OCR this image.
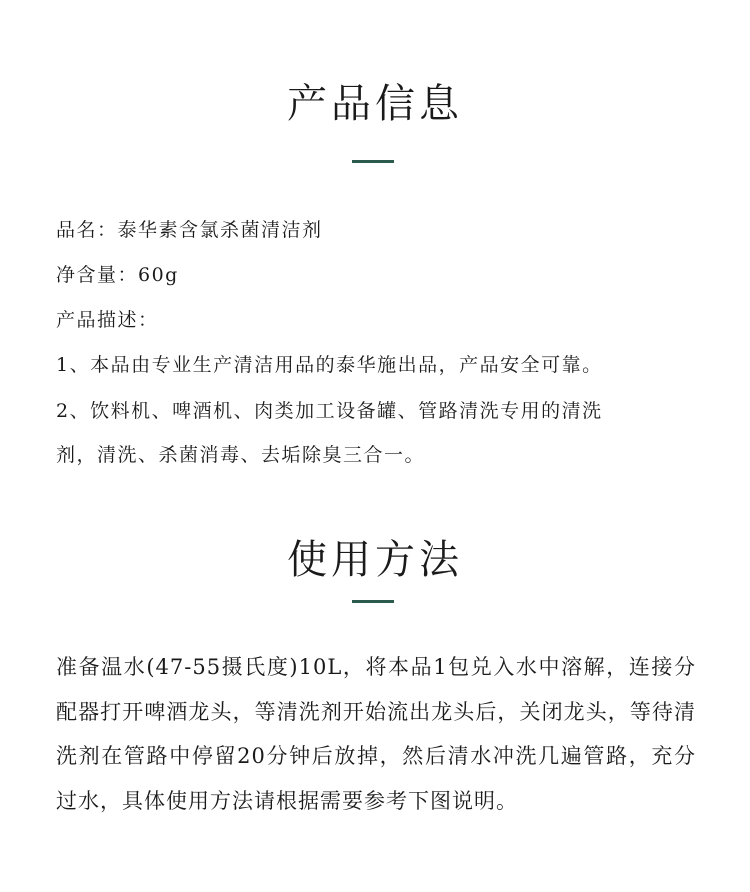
产品信息

品名：泰华素含氯杀菌清洁剂

净含量：60g

产品描述：

1、本品由专业生产清洁用品的泰华施出品，产品安全可靠。

2、饮料机、啤酒机、肉类加工设备罐、管路清洗专用的清洗

剂，清洗、杀菌消毒、去垢除臭三合一。

使用方法

准备温水(47-55摄氏度)10L，将本品1包兑入水中溶解，连接分配器打开啤酒龙头，等清洗剂开始流出龙头后，关闭龙头，等待清洗剂在管路中停留20分钟后放掉，然后清水冲洗几遍管路，充分过水，具体使用方法请根据需要参考下图说明。
